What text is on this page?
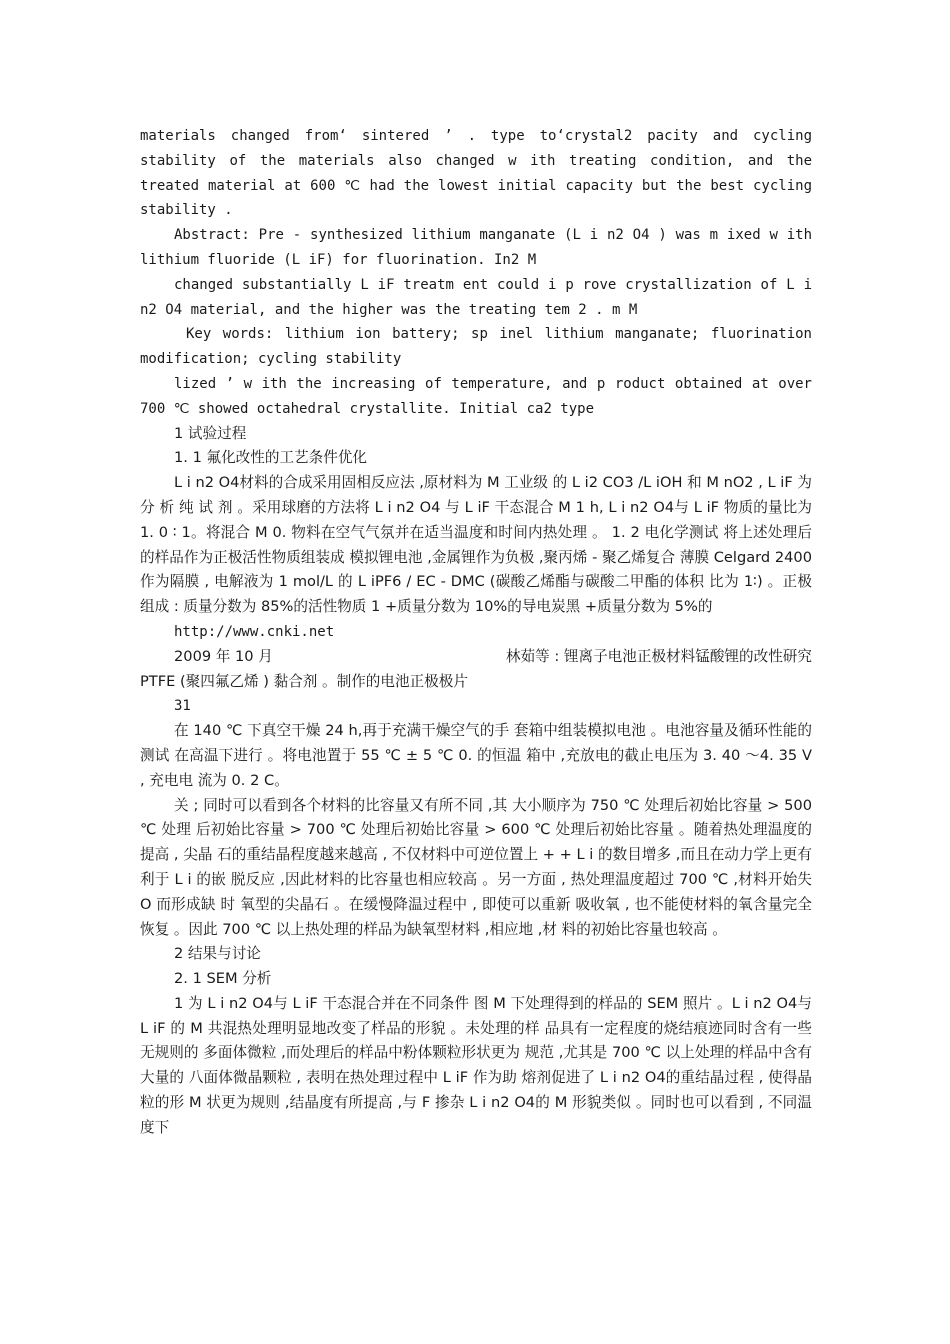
materials changed from‘ sintered ’ . type to‘crystal2 pacity and cycling stability of the materials also changed w ith treating condition, and the treated material at 600 ℃ had the lowest initial capacity but the best cycling stability .

Abstract: Pre - synthesized lithium manganate (L i n2 O4 ) was m ixed w ith lithium fluoride (L iF) for fluorination. In2 M

changed substantially L iF treatm ent could i p rove crystallization of L i n2 O4 material, and the higher was the treating tem 2 . m M

Key words: lithium ion battery; sp inel lithium manganate; fluorination modification; cycling stability

lized ’ w ith the increasing of temperature, and p roduct obtained at over 700 ℃ showed octahedral crystallite. Initial ca2 type

1 试验过程

1. 1 氟化改性的工艺条件优化

L i n2 O4材料的合成采用固相反应法 ,原材料为 M 工业级 的 L i2 CO3 /L iOH 和 M nO2 , L iF 为 分 析 纯 试 剂 。采用球磨的方法将 L i n2 O4 与 L iF 干态混合 M 1 h, L i n2 O4与 L iF 物质的量比为 1. 0 ∶ 1。将混合 M 0. 物料在空气气氛并在适当温度和时间内热处理 。 1. 2 电化学测试 将上述处理后的样品作为正极活性物质组装成 模拟锂电池 ,金属锂作为负极 ,聚丙烯 - 聚乙烯复合 薄膜 Celgard 2400 作为隔膜 , 电解液为 1 mol/L 的 L iPF6 / EC - DMC (碳酸乙烯酯与碳酸二甲酯的体积 比为 1∶) 。正极组成 : 质量分数为 85%的活性物质 1 +质量分数为 10%的导电炭黑 +质量分数为 5%的

http://www.cnki.net

2009 年 10 月	林茹等 : 锂离子电池正极材料锰酸锂的改性研究

PTFE (聚四氟乙烯 ) 黏合剂 。制作的电池正极极片

31

在 140 ℃ 下真空干燥 24 h,再于充满干燥空气的手 套箱中组装模拟电池 。电池容量及循环性能的测试 在高温下进行 。将电池置于 55 ℃ ± 5 ℃ 0. 的恒温 箱中 ,充放电的截止电压为 3. 40 ～4. 35 V , 充电电 流为 0. 2 C。

关 ; 同时可以看到各个材料的比容量又有所不同 ,其 大小顺序为 750 ℃ 处理后初始比容量 > 500 ℃ 处理 后初始比容量 > 700 ℃ 处理后初始比容量 > 600 ℃ 处理后初始比容量 。随着热处理温度的提高 , 尖晶 石的重结晶程度越来越高 , 不仅材料中可逆位置上 + + L i 的数目增多 ,而且在动力学上更有利于 L i 的嵌 脱反应 ,因此材料的比容量也相应较高 。另一方面 , 热处理温度超过 700 ℃ ,材料开始失 O 而形成缺 时 氧型的尖晶石 。在缓慢降温过程中 , 即使可以重新 吸收氧 , 也不能使材料的氧含量完全恢复 。因此 700 ℃ 以上热处理的样品为缺氧型材料 ,相应地 ,材 料的初始比容量也较高 。

2 结果与讨论

2. 1 SEM 分析

1 为 L i n2 O4与 L iF 干态混合并在不同条件 图 M 下处理得到的样品的 SEM 照片 。L i n2 O4与 L iF 的 M 共混热处理明显地改变了样品的形貌 。未处理的样 品具有一定程度的烧结痕迹同时含有一些无规则的 多面体微粒 ,而处理后的样品中粉体颗粒形状更为 规范 ,尤其是 700 ℃ 以上处理的样品中含有大量的 八面体微晶颗粒 , 表明在热处理过程中 L iF 作为助 熔剂促进了 L i n2 O4的重结晶过程 , 使得晶粒的形 M 状更为规则 ,结晶度有所提高 ,与 F 掺杂 L i n2 O4的 M 形貌类似 。同时也可以看到 , 不同温度下
